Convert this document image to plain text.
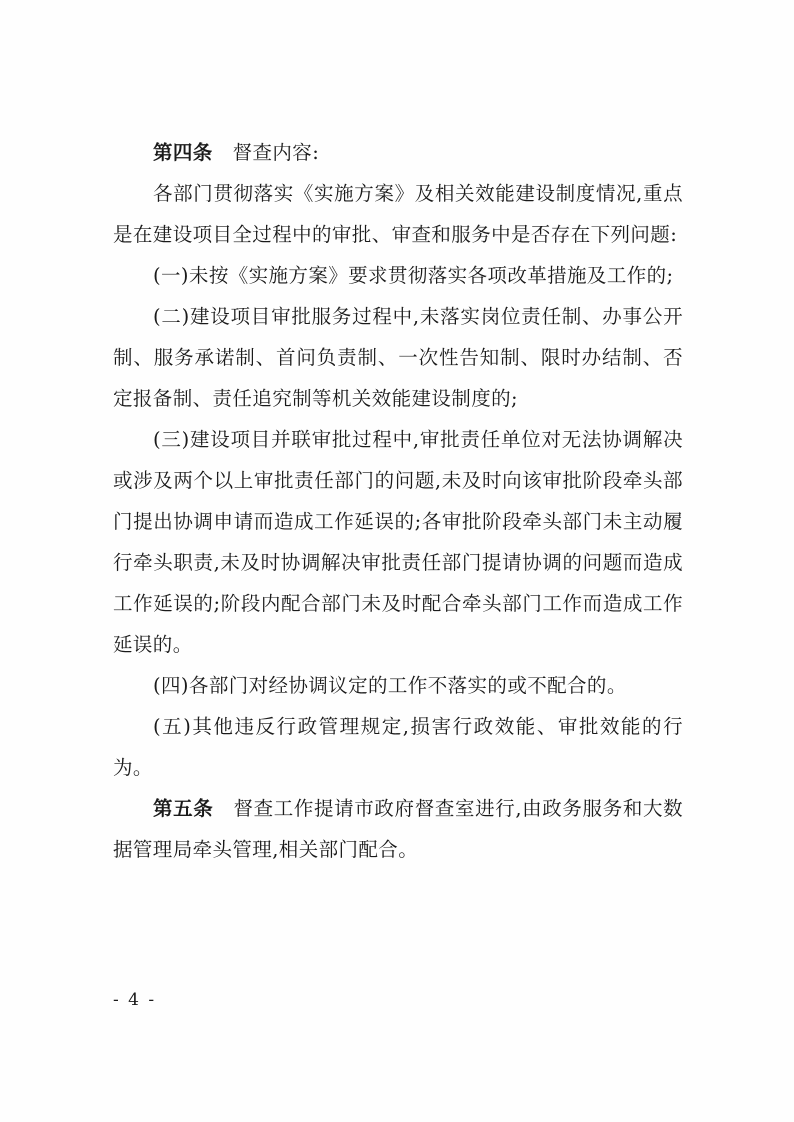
第四条　督查内容:

各部门贯彻落实《实施方案》及相关效能建设制度情况,重点是在建设项目全过程中的审批、审查和服务中是否存在下列问题:

(一)未按《实施方案》要求贯彻落实各项改革措施及工作的;

(二)建设项目审批服务过程中,未落实岗位责任制、办事公开制、服务承诺制、首问负责制、一次性告知制、限时办结制、否定报备制、责任追究制等机关效能建设制度的;

(三)建设项目并联审批过程中,审批责任单位对无法协调解决或涉及两个以上审批责任部门的问题,未及时向该审批阶段牵头部门提出协调申请而造成工作延误的;各审批阶段牵头部门未主动履行牵头职责,未及时协调解决审批责任部门提请协调的问题而造成工作延误的;阶段内配合部门未及时配合牵头部门工作而造成工作延误的。

(四)各部门对经协调议定的工作不落实的或不配合的。

(五)其他违反行政管理规定,损害行政效能、审批效能的行为。

第五条　督查工作提请市政府督查室进行,由政务服务和大数据管理局牵头管理,相关部门配合。

- 4 -
